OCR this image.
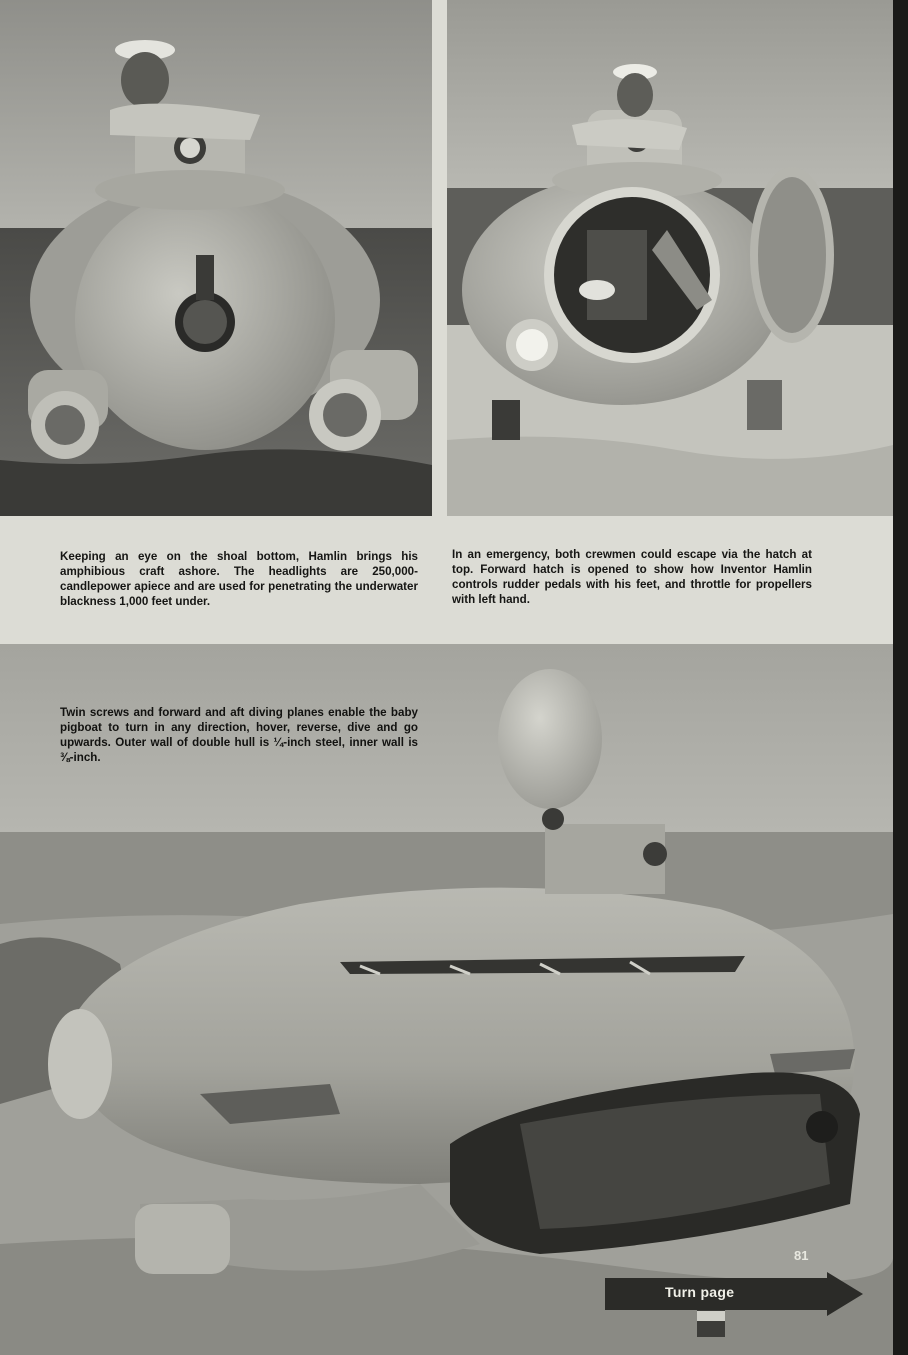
Keeping an eye on the shoal bottom, Hamlin brings his amphibious craft ashore. The headlights are 250,000-candlepower apiece and are used for penetrating the underwater blackness 1,000 feet under.

In an emergency, both crewmen could escape via the hatch at top. Forward hatch is opened to show how Inventor Hamlin controls rudder pedals with his feet, and throttle for propellers with left hand.

Twin screws and forward and aft diving planes enable the baby pigboat to turn in any direction, hover, reverse, dive and go upwards. Outer wall of double hull is ¼-inch steel, inner wall is ⅜-inch.

81
Turn page
